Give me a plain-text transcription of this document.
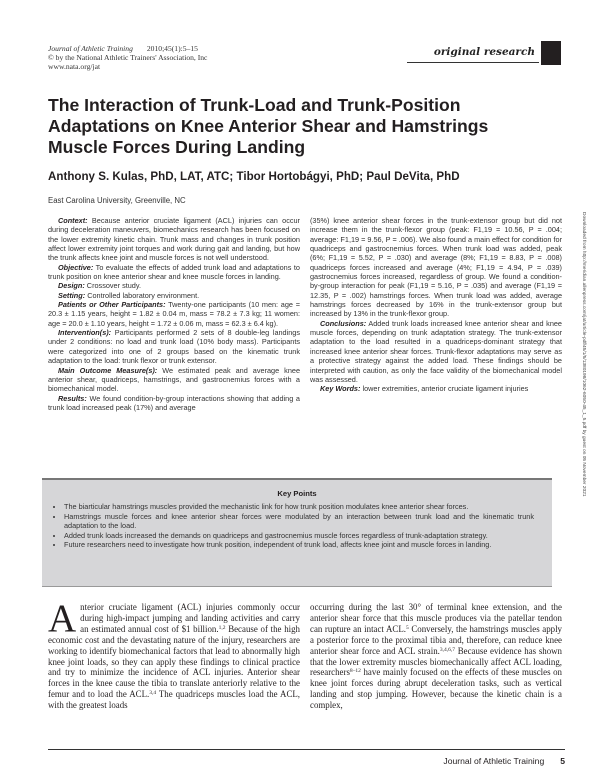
Journal of Athletic Training 2010;45(1):5–15
© by the National Athletic Trainers' Association, Inc
www.nata.org/jat
original research
The Interaction of Trunk-Load and Trunk-Position Adaptations on Knee Anterior Shear and Hamstrings Muscle Forces During Landing
Anthony S. Kulas, PhD, LAT, ATC; Tibor Hortobágyi, PhD; Paul DeVita, PhD
East Carolina University, Greenville, NC

Context: Because anterior cruciate ligament (ACL) injuries can occur during deceleration maneuvers, biomechanics research has been focused on the lower extremity kinetic chain. Trunk mass and changes in trunk position affect lower extremity joint torques and work during gait and landing, but how the trunk affects knee joint and muscle forces is not well understood.

Objective: To evaluate the effects of added trunk load and adaptations to trunk position on knee anterior shear and knee muscle forces in landing.

Design: Crossover study.

Setting: Controlled laboratory environment.

Patients or Other Participants: Twenty-one participants (10 men: age = 20.3 ± 1.15 years, height = 1.82 ± 0.04 m, mass = 78.2 ± 7.3 kg; 11 women: age = 20.0 ± 1.10 years, height = 1.72 ± 0.06 m, mass = 62.3 ± 6.4 kg).

Intervention(s): Participants performed 2 sets of 8 double-leg landings under 2 conditions: no load and trunk load (10% body mass). Participants were categorized into one of 2 groups based on the kinematic trunk adaptation to the load: trunk flexor or trunk extensor.

Main Outcome Measure(s): We estimated peak and average knee anterior shear, quadriceps, hamstrings, and gastrocnemius forces with a biomechanical model.

Results: We found condition-by-group interactions showing that adding a trunk load increased peak (17%) and average

(35%) knee anterior shear forces in the trunk-extensor group but did not increase them in the trunk-flexor group (peak: F1,19 = 10.56, P = .004; average: F1,19 = 9.56, P = .006). We also found a main effect for condition for quadriceps and gastrocnemius forces. When trunk load was added, peak (6%; F1,19 = 5.52, P = .030) and average (8%; F1,19 = 8.83, P = .008) quadriceps forces increased and average (4%; F1,19 = 4.94, P = .039) gastrocnemius forces increased, regardless of group. We found a condition-by-group interaction for peak (F1,19 = 5.16, P = .035) and average (F1,19 = 12.35, P = .002) hamstrings forces. When trunk load was added, average hamstrings forces decreased by 16% in the trunk-extensor group but increased by 13% in the trunk-flexor group.

Conclusions: Added trunk loads increased knee anterior shear and knee muscle forces, depending on trunk adaptation strategy. The trunk-extensor adaptation to the load resulted in a quadriceps-dominant strategy that increased knee anterior shear forces. Trunk-flexor adaptations may serve as a protective strategy against the added load. These findings should be interpreted with caution, as only the face validity of the biomechanical model was assessed.

Key Words: lower extremities, anterior cruciate ligament injuries

Key Points
• The biarticular hamstrings muscles provided the mechanistic link for how trunk position modulates knee anterior shear forces.
• Hamstrings muscle forces and knee anterior shear forces were modulated by an interaction between trunk load and the kinematic trunk adaptation to the load.
• Added trunk loads increased the demands on quadriceps and gastrocnemius muscle forces regardless of trunk-adaptation strategy.
• Future researchers need to investigate how trunk position, independent of trunk load, affects knee joint and muscle forces in landing.

Anterior cruciate ligament (ACL) injuries commonly occur during high-impact jumping and landing activities and carry an estimated annual cost of $1 billion.$^{1,2}$ Because of the high economic cost and the devastating nature of the injury, researchers are working to identify biomechanical factors that lead to abnormally high knee joint loads, so they can apply these findings to clinical practice and try to minimize the incidence of ACL injuries. Anterior shear forces in the knee cause the tibia to translate anteriorly relative to the femur and to load the ACL.$^{3,4}$ The quadriceps muscles load the ACL, with the greatest loads

occurring during the last 30° of terminal knee extension, and the anterior shear force that this muscle produces via the patellar tendon can rupture an intact ACL.$^5$ Conversely, the hamstrings muscles apply a posterior force to the proximal tibia and, therefore, can reduce knee anterior shear force and ACL strain.$^{3,4,6,7}$ Because evidence has shown that the lower extremity muscles biomechanically affect ACL loading, researchers$^{8-12}$ have mainly focused on the effects of these muscles on knee joint forces during abrupt deceleration tasks, such as vertical landing and stop jumping. However, because the kinetic chain is a complex,

Journal of Athletic Training 5
Downloaded from http://meridian.allenpress.com/jat/article-pdf/45/1/5/1380198/1062-6050-45_1_5.pdf by guest on 05 November 2021
